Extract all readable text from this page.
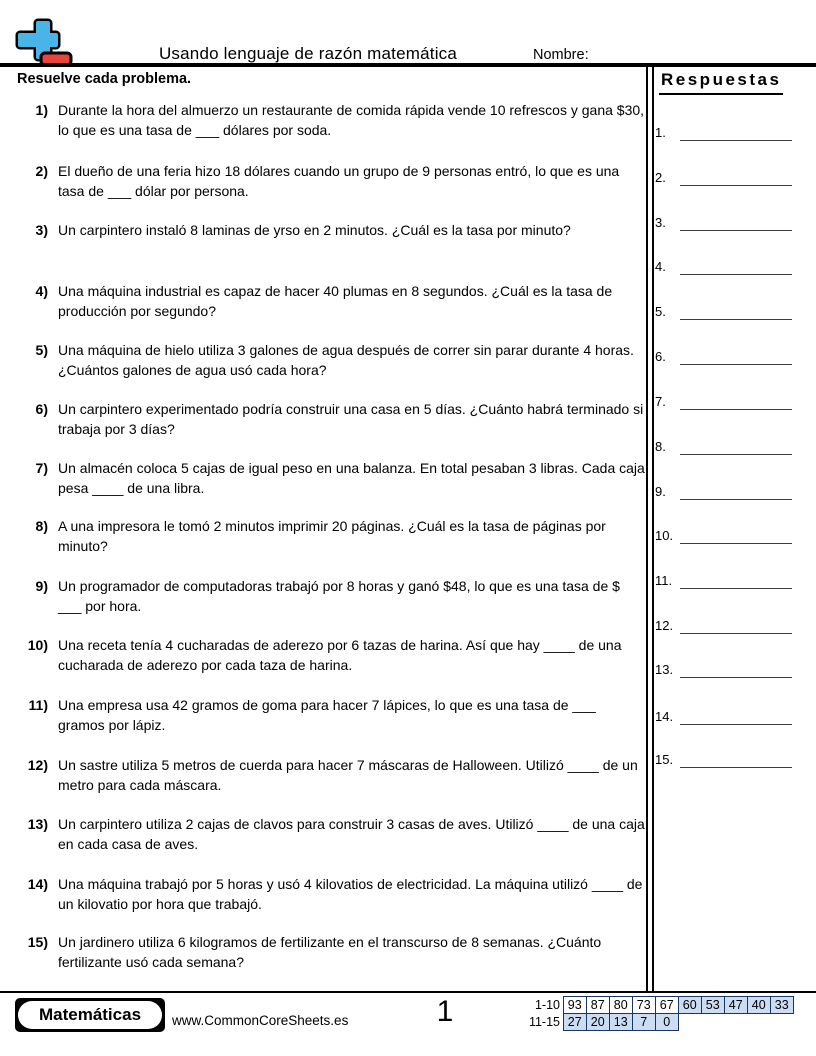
Usando lenguaje de razón matemática	Nombre:
Resuelve cada problema.	Respuestas
1.
2.
3.
4.
5.
6.
7.
8.
9.
10.
11.
12.
13.
14.
15.
1) Durante la hora del almuerzo un restaurante de comida rápida vende 10 refrescos y gana $30, lo que es una tasa de ___ dólares por soda.
2) El dueño de una feria hizo 18 dólares cuando un grupo de 9 personas entró, lo que es una tasa de ___ dólar por persona.
3) Un carpintero instaló 8 laminas de yrso en 2 minutos. ¿Cuál es la tasa por minuto?
4) Una máquina industrial es capaz de hacer 40 plumas en 8 segundos. ¿Cuál es la tasa de producción por segundo?
5) Una máquina de hielo utiliza 3 galones de agua después de correr sin parar durante 4 horas. ¿Cuántos galones de agua usó cada hora?
6) Un carpintero experimentado podría construir una casa en 5 días. ¿Cuánto habrá terminado si trabaja por 3 días?
7) Un almacén coloca 5 cajas de igual peso en una balanza. En total pesaban 3 libras. Cada caja pesa ____ de una libra.
8) A una impresora le tomó 2 minutos imprimir 20 páginas. ¿Cuál es la tasa de páginas por minuto?
9) Un programador de computadoras trabajó por 8 horas y ganó $48, lo que es una tasa de $ ___ por hora.
10) Una receta tenía 4 cucharadas de aderezo por 6 tazas de harina. Así que hay ____ de una cucharada de aderezo por cada taza de harina.
11) Una empresa usa 42 gramos de goma para hacer 7 lápices, lo que es una tasa de ___ gramos por lápiz.
12) Un sastre utiliza 5 metros de cuerda para hacer 7 máscaras de Halloween. Utilizó ____ de un metro para cada máscara.
13) Un carpintero utiliza 2 cajas de clavos para construir 3 casas de aves. Utilizó ____ de una caja en cada casa de aves.
14) Una máquina trabajó por 5 horas y usó 4 kilovatios de electricidad. La máquina utilizó ____ de un kilovatio por hora que trabajó.
15) Un jardinero utiliza 6 kilogramos de fertilizante en el transcurso de 8 semanas. ¿Cuánto fertilizante usó cada semana?
Matemáticas	www.CommonCoreSheets.es	1	1-10 93 87 80 73 67 60 53 47 40 33
11-15 27 20 13	7	0
